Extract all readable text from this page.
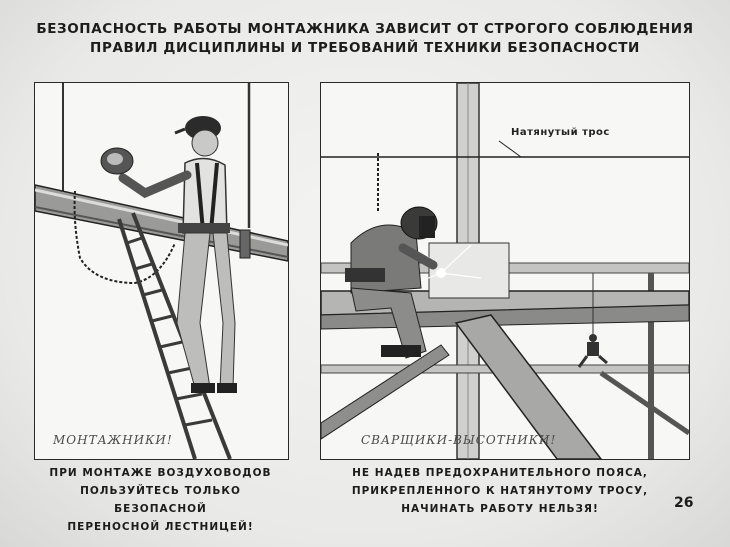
БЕЗОПАСНОСТЬ РАБОТЫ МОНТАЖНИКА ЗАВИСИТ ОТ СТРОГОГО СОБЛЮДЕНИЯ
ПРАВИЛ ДИСЦИПЛИНЫ И ТРЕБОВАНИЙ ТЕХНИКИ БЕЗОПАСНОСТИ
МОНТАЖНИКИ!
Натянутый трос
СВАРЩИКИ-ВЫСОТНИКИ!
ПРИ МОНТАЖЕ ВОЗДУХОВОДОВ
ПОЛЬЗУЙТЕСЬ ТОЛЬКО БЕЗОПАСНОЙ
ПЕРЕНОСНОЙ ЛЕСТНИЦЕЙ!
НЕ НАДЕВ ПРЕДОХРАНИТЕЛЬНОГО ПОЯСА,
ПРИКРЕПЛЕННОГО К НАТЯНУТОМУ ТРОСУ,
НАЧИНАТЬ РАБОТУ НЕЛЬЗЯ!	26
